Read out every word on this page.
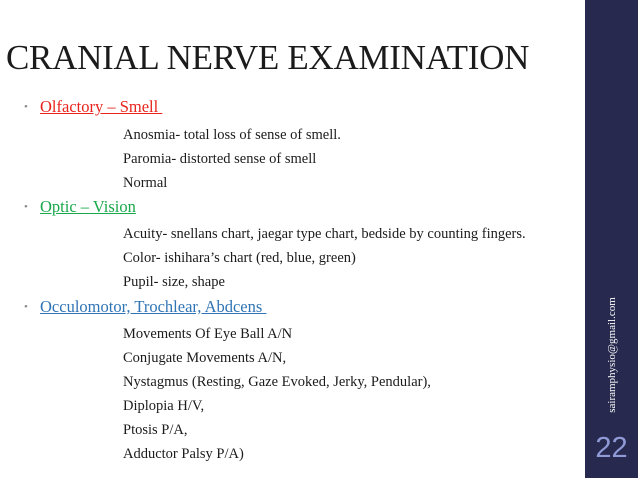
sairamphysio@gmail.com
22
CRANIAL NERVE EXAMINATION
• Olfactory – Smell
Anosmia- total loss of sense of smell.
Paromia- distorted sense of smell
Normal
• Optic – Vision
Acuity- snellans chart, jaegar type chart, bedside by counting fingers.
Color- ishihara’s chart (red, blue, green)
Pupil- size, shape
• Occulomotor, Trochlear, Abdcens
Movements Of Eye Ball A/N
Conjugate Movements A/N,
Nystagmus (Resting, Gaze Evoked, Jerky, Pendular),
Diplopia H/V,
Ptosis P/A,
Adductor Palsy P/A)
